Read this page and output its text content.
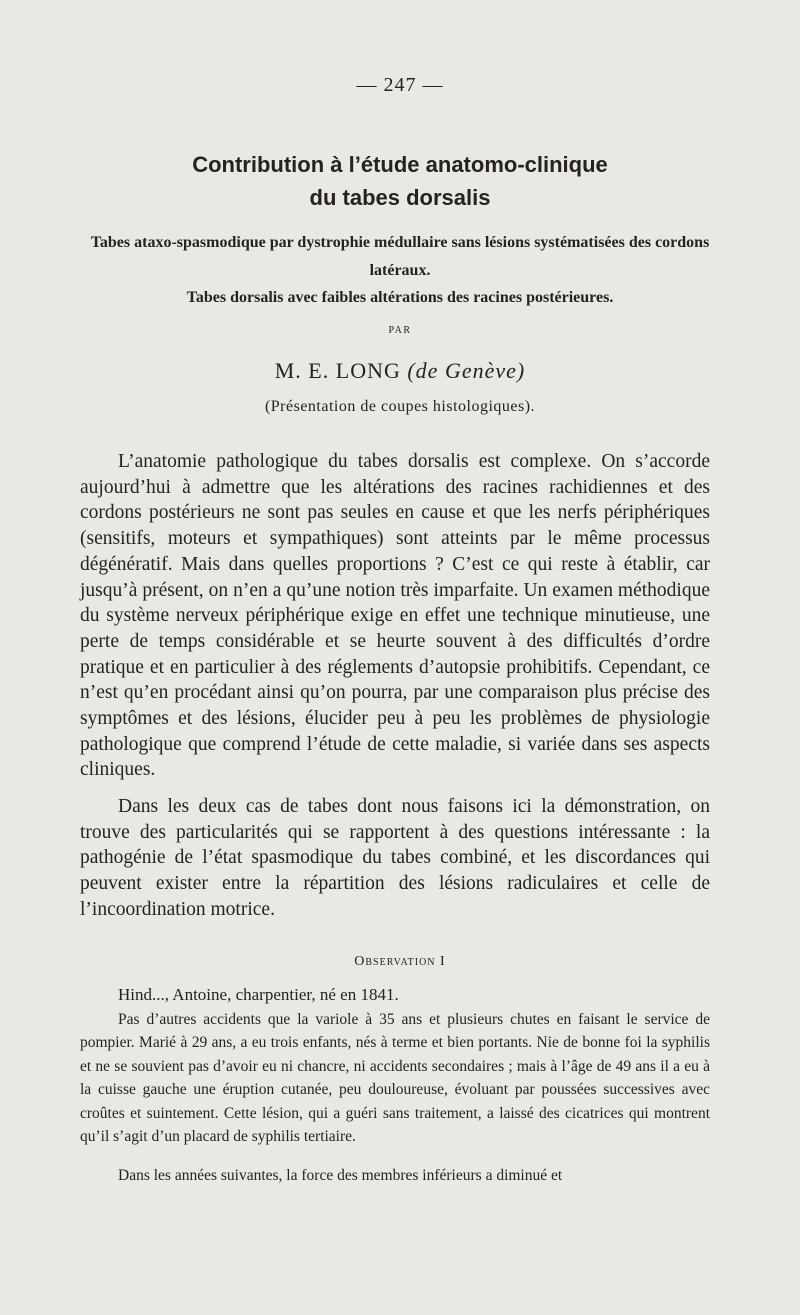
— 247 —
Contribution à l’étude anatomo-clinique
du tabes dorsalis
Tabes ataxo-spasmodique par dystrophie médullaire sans lésions systématisées des cordons latéraux.
Tabes dorsalis avec faibles altérations des racines postérieures.
PAR
M. E. LONG (de Genève)
(Présentation de coupes histologiques).
L’anatomie pathologique du tabes dorsalis est complexe. On s’accorde aujourd’hui à admettre que les altérations des racines rachidiennes et des cordons postérieurs ne sont pas seules en cause et que les nerfs périphériques (sensitifs, moteurs et sympathiques) sont atteints par le même processus dégénératif. Mais dans quelles proportions ? C’est ce qui reste à établir, car jusqu’à présent, on n’en a qu’une notion très imparfaite. Un examen méthodique du système nerveux périphérique exige en effet une technique minutieuse, une perte de temps considérable et se heurte souvent à des difficultés d’ordre pratique et en particulier à des réglements d’autopsie prohibitifs. Cependant, ce n’est qu’en procédant ainsi qu’on pourra, par une comparaison plus précise des symptômes et des lésions, élucider peu à peu les problèmes de physiologie pathologique que comprend l’étude de cette maladie, si variée dans ses aspects cliniques.
Dans les deux cas de tabes dont nous faisons ici la démonstration, on trouve des particularités qui se rapportent à des questions intéressante : la pathogénie de l’état spasmodique du tabes combiné, et les discordances qui peuvent exister entre la répartition des lésions radiculaires et celle de l’incoordination motrice.
Observation I
Hind..., Antoine, charpentier, né en 1841.
Pas d’autres accidents que la variole à 35 ans et plusieurs chutes en faisant le service de pompier. Marié à 29 ans, a eu trois enfants, nés à terme et bien portants. Nie de bonne foi la syphilis et ne se souvient pas d’avoir eu ni chancre, ni accidents secondaires ; mais à l’âge de 49 ans il a eu à la cuisse gauche une éruption cutanée, peu douloureuse, évoluant par poussées successives avec croûtes et suintement. Cette lésion, qui a guéri sans traitement, a laissé des cicatrices qui montrent qu’il s’agit d’un placard de syphilis tertiaire.
Dans les années suivantes, la force des membres inférieurs a diminué et
